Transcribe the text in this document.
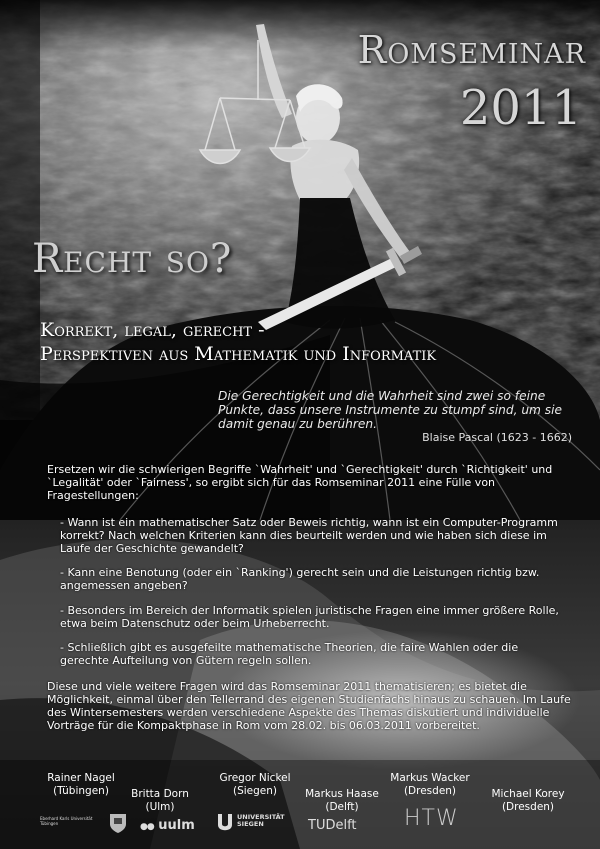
Romseminar
2011
Recht so?
Korrekt, legal, gerecht -
Perspektiven aus Mathematik und Informatik
Die Gerechtigkeit und die Wahrheit sind zwei so feine Punkte, dass unsere Instrumente zu stumpf sind, um sie damit genau zu berühren.
Blaise Pascal (1623 - 1662)
Ersetzen wir die schwierigen Begriffe `Wahrheit' und `Gerechtigkeit' durch `Richtigkeit' und `Legalität' oder `Fairness', so ergibt sich für das Romseminar 2011 eine Fülle von Fragestellungen:
- Wann ist ein mathematischer Satz oder Beweis richtig, wann ist ein Computer-Programm korrekt? Nach welchen Kriterien kann dies beurteilt werden und wie haben sich diese im Laufe der Geschichte gewandelt?
- Kann eine Benotung (oder ein `Ranking') gerecht sein und die Leistungen richtig bzw. angemessen angeben?
- Besonders im Bereich der Informatik spielen juristische Fragen eine immer größere Rolle, etwa beim Datenschutz oder beim Urheberrecht.
- Schließlich gibt es ausgefeilte mathematische Theorien, die faire Wahlen oder die gerechte Aufteilung von Gütern regeln sollen.
Diese und viele weitere Fragen wird das Romseminar 2011 thematisieren; es bietet die Möglichkeit, einmal über den Tellerrand des eigenen Studienfachs hinaus zu schauen. Im Laufe des Wintersemesters werden verschiedene Aspekte des Themas diskutiert und individuelle Vorträge für die Kompaktphase in Rom vom 28.02. bis 06.03.2011 vorbereitet.
Rainer Nagel
(Tübingen)	Britta Dorn
(Ulm)
Gregor Nickel
(Siegen)	Markus Haase
(Delft)
Markus Wacker
(Dresden)	Michael Korey
(Dresden)
Eberhard Karls Universität Tübingen	●● uulm
UNIVERSITÄT SIEGEN	TUDelft HTW
